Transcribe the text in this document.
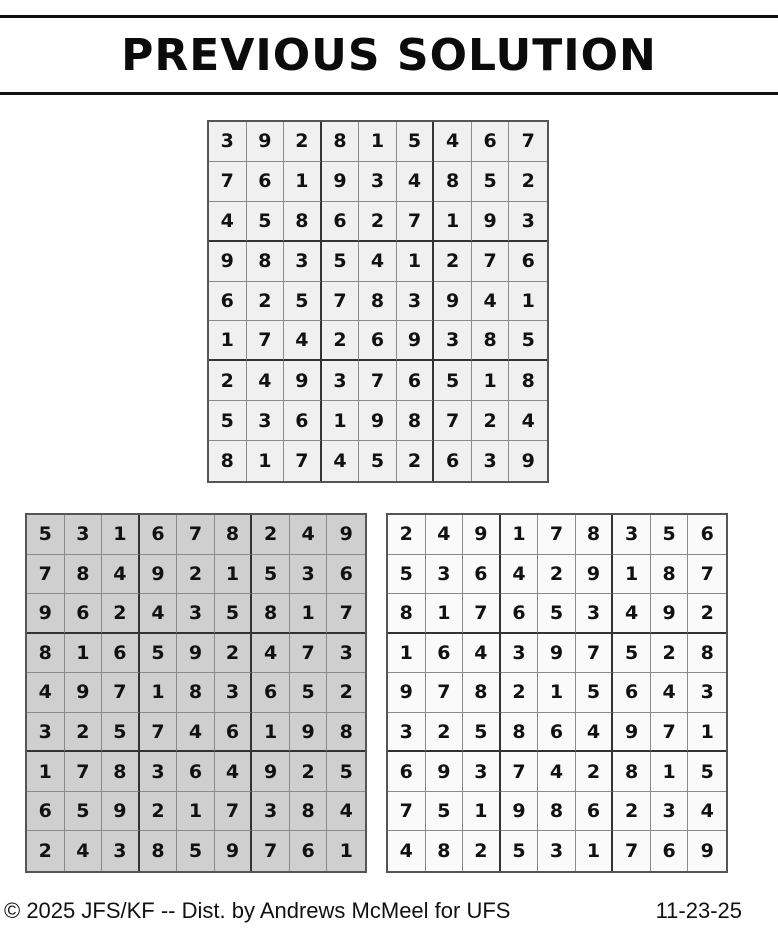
PREVIOUS SOLUTION
3	9	2	8	1	5	4	6	7
7	6	1	9	3	4	8	5	2
4	5	8	6	2	7	1	9	3
9	8	3	5	4	1	2	7	6
6	2	5	7	8	3	9	4	1
1	7	4	2	6	9	3	8	5
2	4	9	3	7	6	5	1	8
5	3	6	1	9	8	7	2	4
8	1	7	4	5	2	6	3	9
5	3	1	6	7	8	2	4	9
7	8	4	9	2	1	5	3	6
9	6	2	4	3	5	8	1	7
8	1	6	5	9	2	4	7	3
4	9	7	1	8	3	6	5	2
3	2	5	7	4	6	1	9	8
1	7	8	3	6	4	9	2	5
6	5	9	2	1	7	3	8	4
2	4	3	8	5	9	7	6	1
2	4	9	1	7	8	3	5	6
5	3	6	4	2	9	1	8	7
8	1	7	6	5	3	4	9	2
1	6	4	3	9	7	5	2	8
9	7	8	2	1	5	6	4	3
3	2	5	8	6	4	9	7	1
6	9	3	7	4	2	8	1	5
7	5	1	9	8	6	2	3	4
4	8	2	5	3	1	7	6	9
© 2025 JFS/KF -- Dist. by Andrews McMeel for UFS	11-23-25
